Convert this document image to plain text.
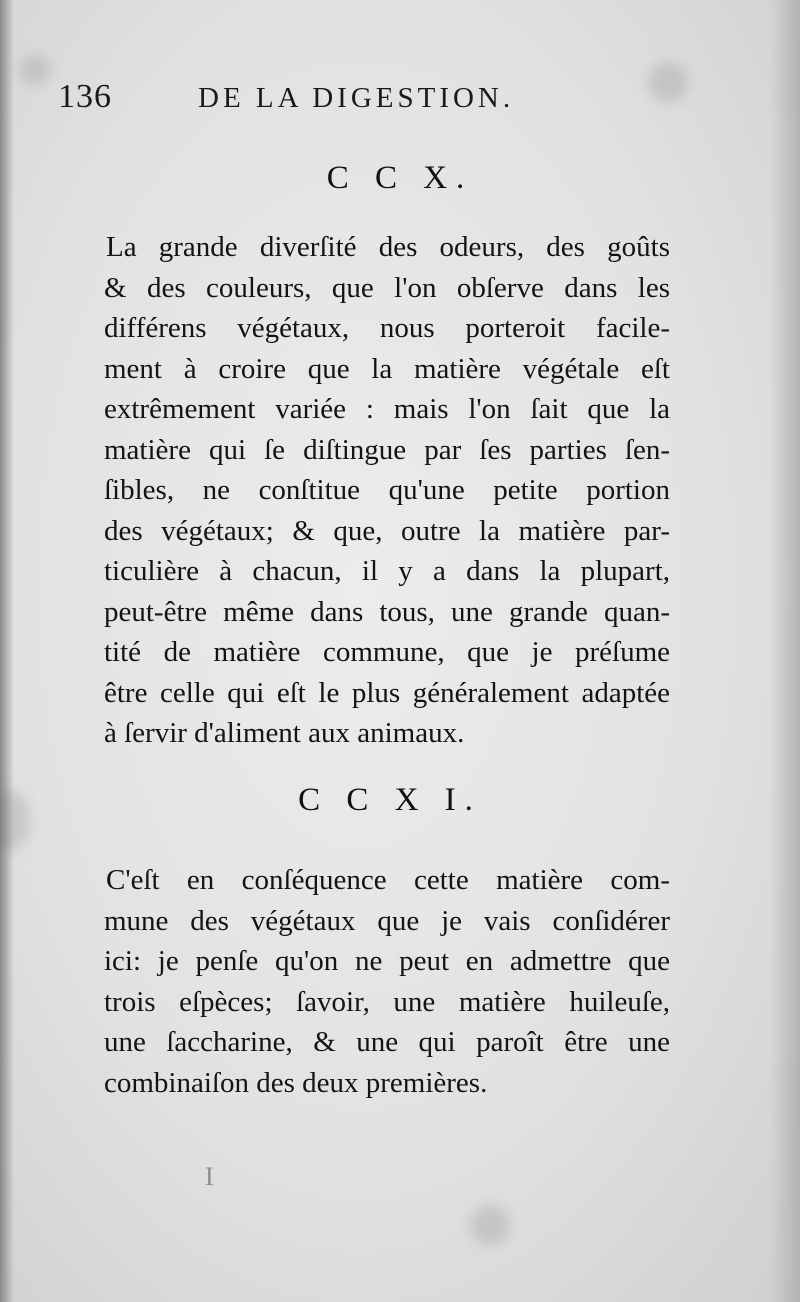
136	DE LA DIGESTION.
C C X.

La grande diverſité des odeurs, des goûts
& des couleurs, que l'on obſerve dans les
différens végétaux, nous porteroit facile-
ment à croire que la matière végétale eſt
extrêmement variée : mais l'on ſait que la
matière qui ſe diſtingue par ſes parties ſen-
ſibles, ne conſtitue qu'une petite portion
des végétaux; & que, outre la matière par-
ticulière à chacun, il y a dans la plupart,
peut-être même dans tous, une grande quan-
tité de matière commune, que je préſume
être celle qui eſt le plus généralement adaptée
à ſervir d'aliment aux animaux.

C C X I.

C'eſt en conſéquence cette matière com-
mune des végétaux que je vais conſidérer
ici: je penſe qu'on ne peut en admettre que
trois eſpèces; ſavoir, une matière huileuſe,
une ſaccharine, & une qui paroît être une
combinaiſon des deux premières.

I
